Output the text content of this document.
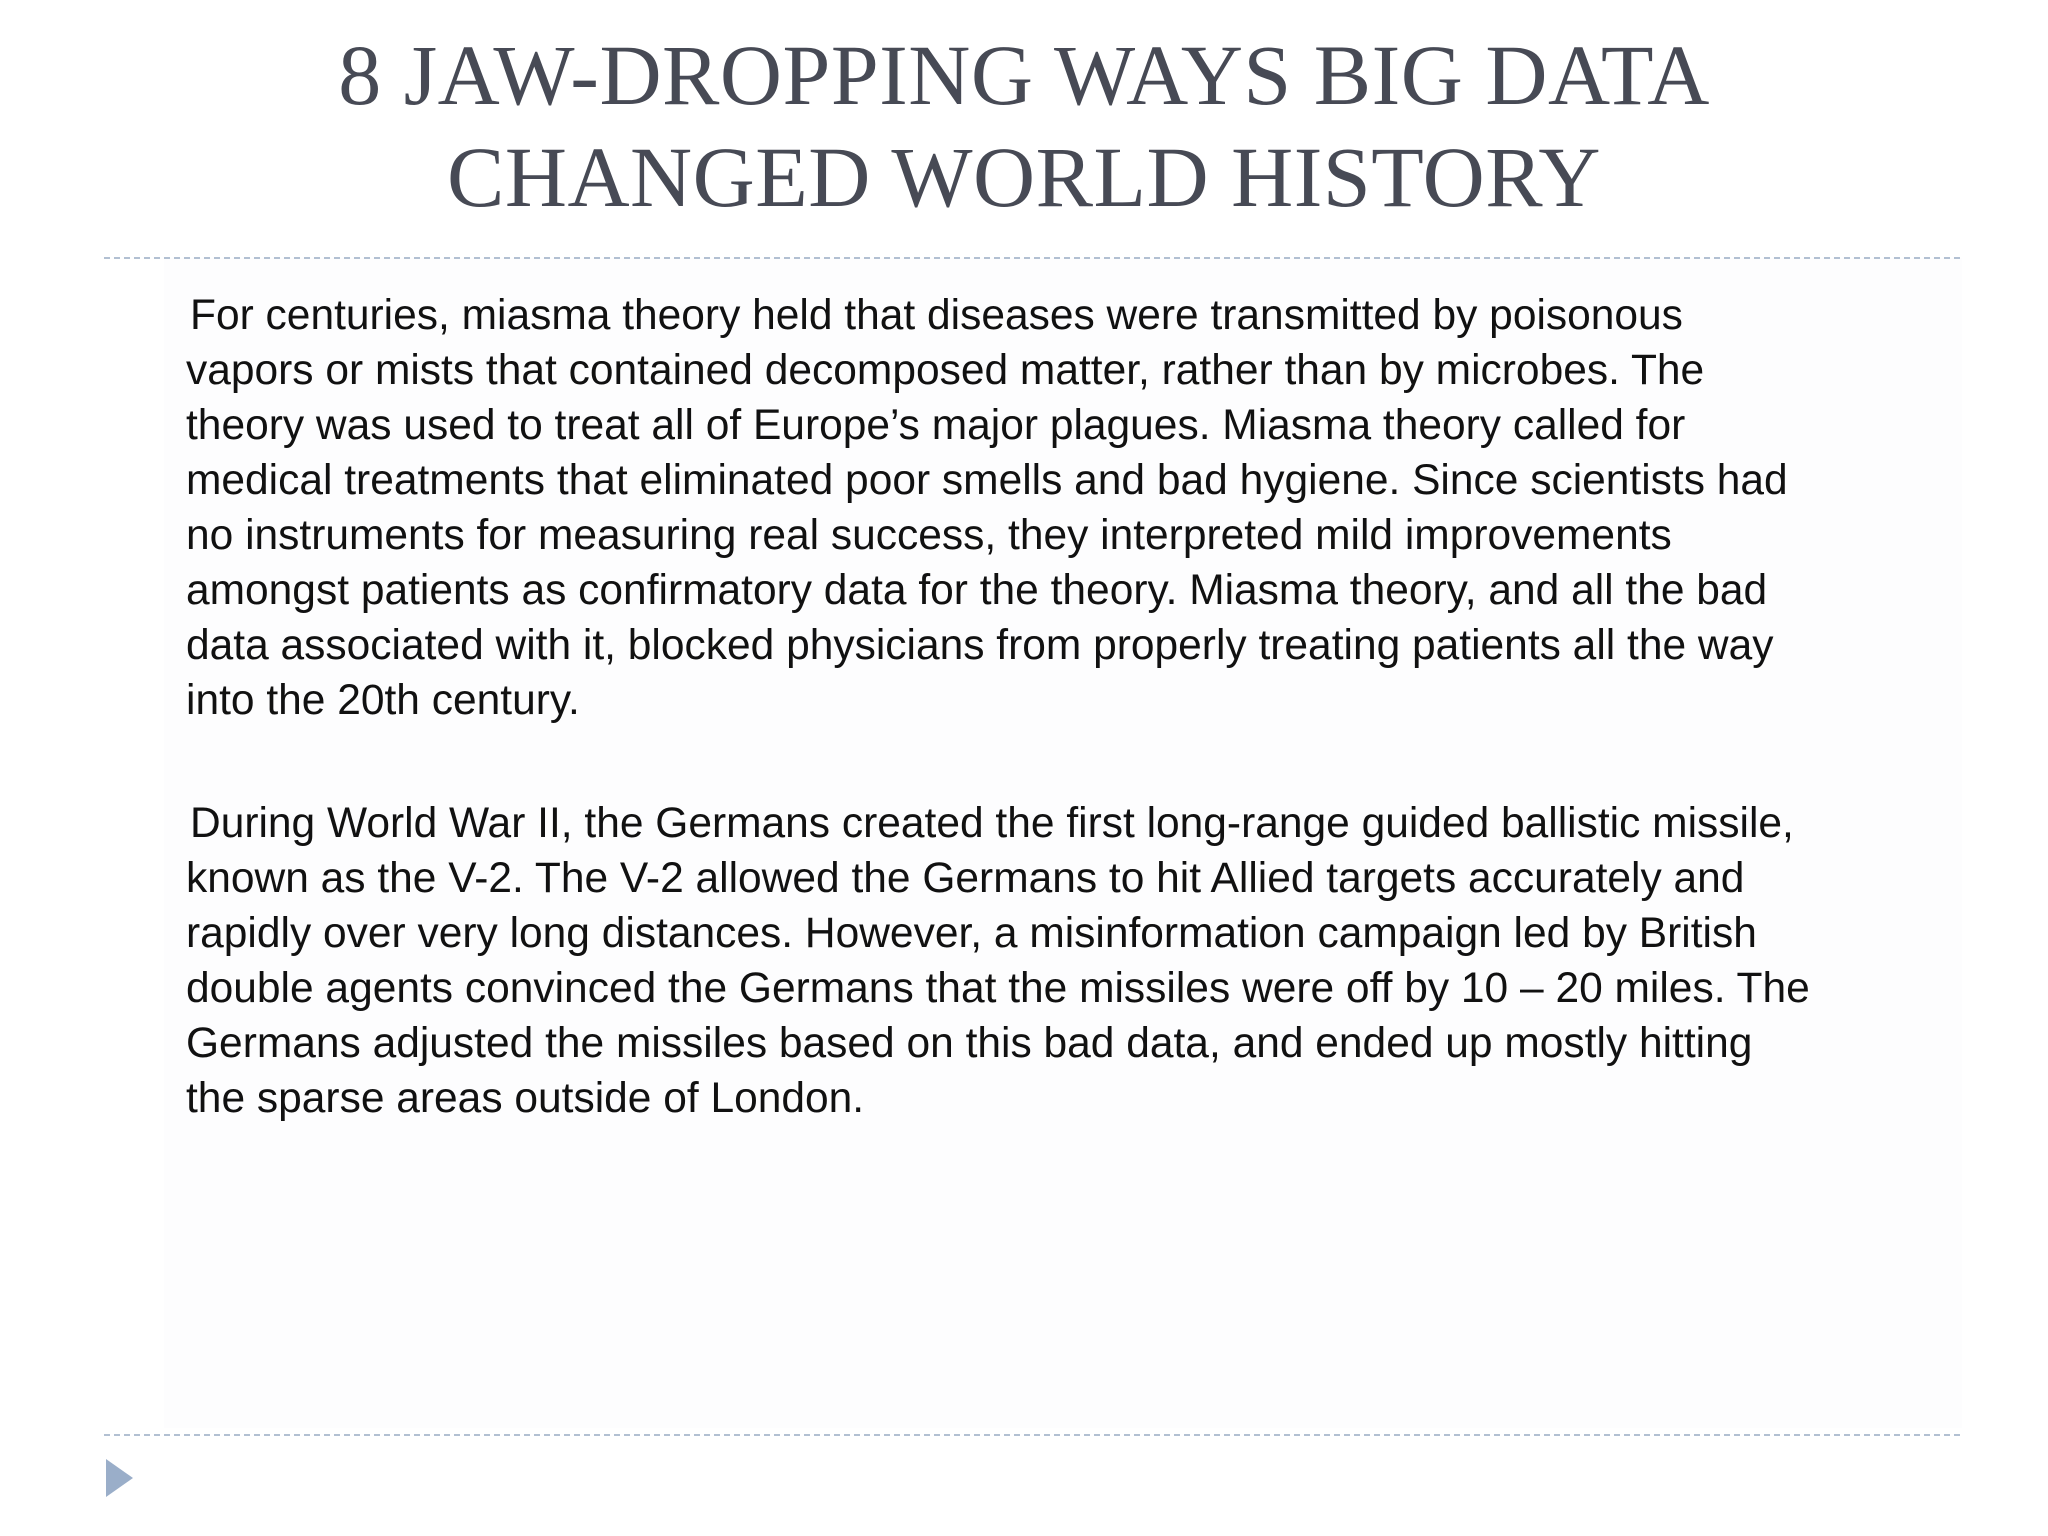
8 JAW-DROPPING WAYS BIG DATA
CHANGED WORLD HISTORY

For centuries, miasma theory held that diseases were transmitted by poisonous
vapors or mists that contained decomposed matter, rather than by microbes. The
theory was used to treat all of Europe’s major plagues. Miasma theory called for
medical treatments that eliminated poor smells and bad hygiene. Since scientists had
no instruments for measuring real success, they interpreted mild improvements
amongst patients as confirmatory data for the theory. Miasma theory, and all the bad
data associated with it, blocked physicians from properly treating patients all the way
into the 20th century.

During World War II, the Germans created the first long-range guided ballistic missile,
known as the V-2. The V-2 allowed the Germans to hit Allied targets accurately and
rapidly over very long distances. However, a misinformation campaign led by British
double agents convinced the Germans that the missiles were off by 10 – 20 miles. The
Germans adjusted the missiles based on this bad data, and ended up mostly hitting
the sparse areas outside of London.
